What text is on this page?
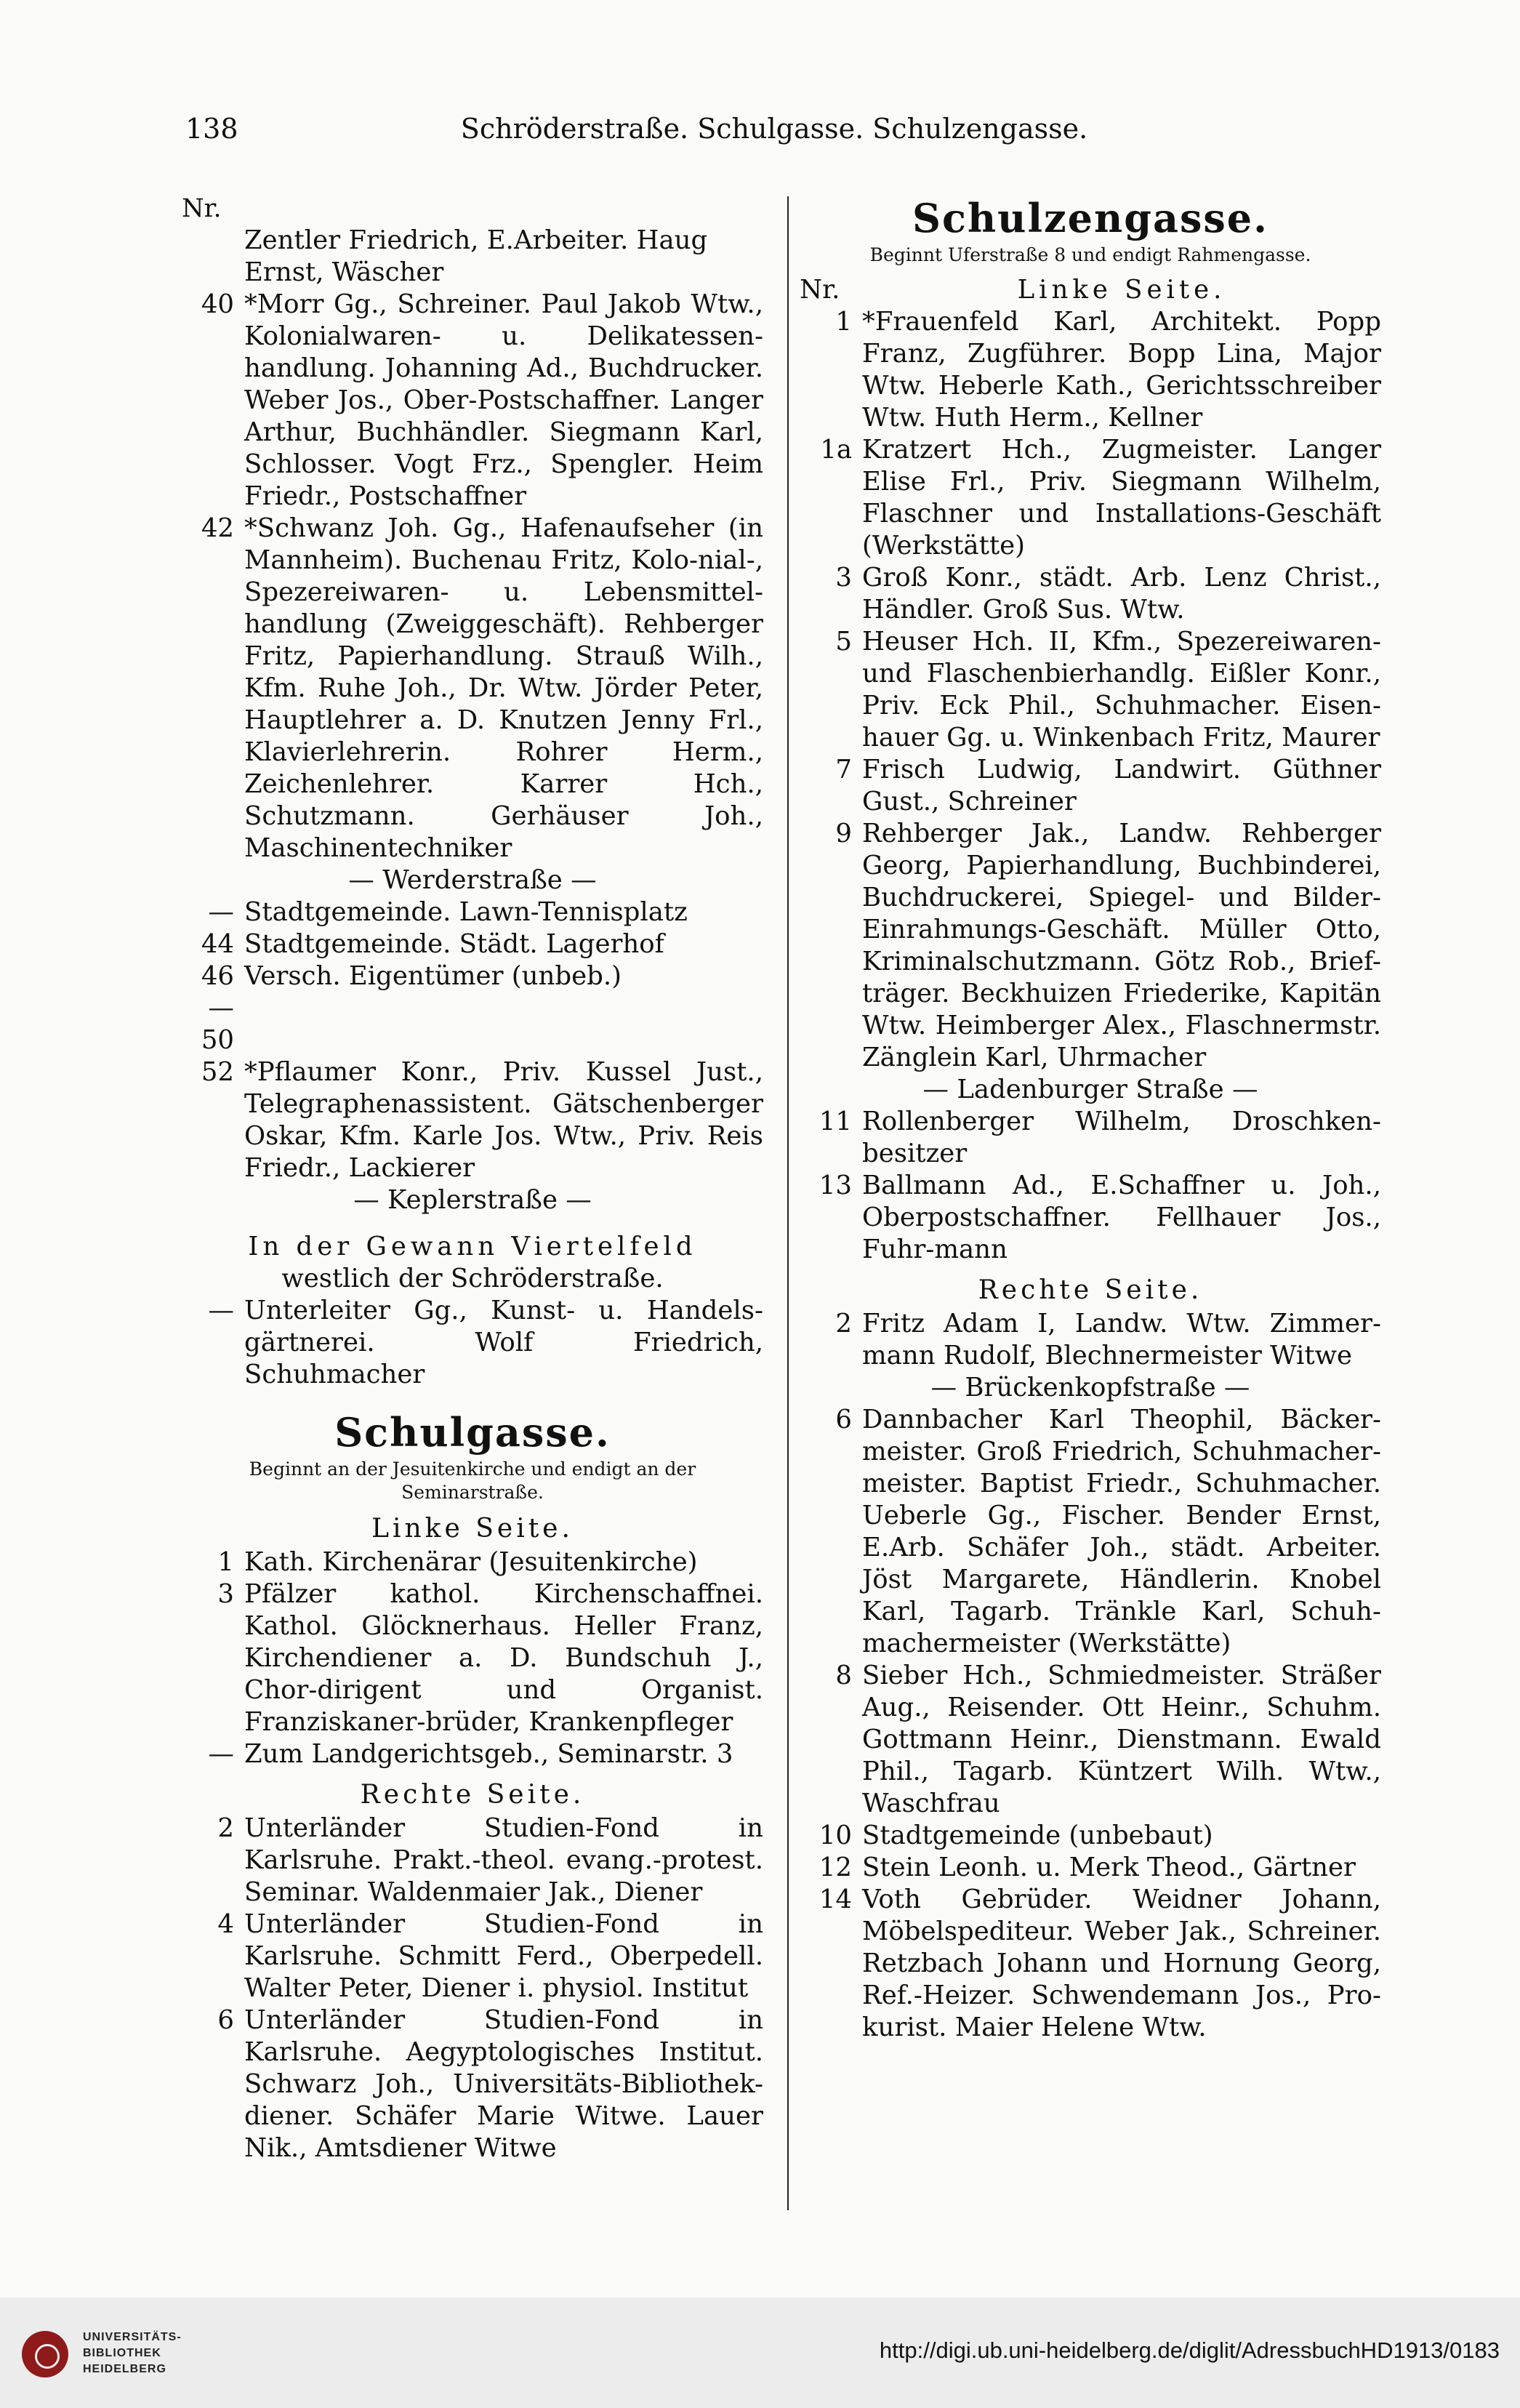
138	Schröderstraße. Schulgasse. Schulzengasse.
Nr.
Zentler Friedrich, E.Arbeiter. Haug
Ernst, Wäscher
40 *Morr Gg., Schreiner. Paul Jakob Wtw., Kolonialwaren- u. Delikatessen-handlung. Johanning Ad., Buchdrucker. Weber Jos., Ober-Postschaffner. Langer Arthur, Buchhändler. Siegmann Karl, Schlosser. Vogt Frz., Spengler. Heim Friedr., Postschaffner
42 *Schwanz Joh. Gg., Hafenaufseher (in Mannheim). Buchenau Fritz, Kolo-nial-, Spezereiwaren- u. Lebensmittel-handlung (Zweiggeschäft). Rehberger Fritz, Papierhandlung. Strauß Wilh., Kfm. Ruhe Joh., Dr. Wtw. Jörder Peter, Hauptlehrer a. D. Knutzen Jenny Frl., Klavierlehrerin. Rohrer Herm., Zeichenlehrer. Karrer Hch., Schutzmann. Gerhäuser Joh., Maschinentechniker
— Werderstraße —
— Stadtgemeinde. Lawn-Tennisplatz
44 Stadtgemeinde. Städt. Lagerhof
46—50
Versch. Eigentümer (unbeb.)
52 *Pflaumer Konr., Priv. Kussel Just., Telegraphenassistent. Gätschenberger Oskar, Kfm. Karle Jos. Wtw., Priv. Reis Friedr., Lackierer
— Keplerstraße —
In der Gewann Viertelfeld
westlich der Schröderstraße.
— Unterleiter Gg., Kunst- u. Handels-gärtnerei. Wolf Friedrich, Schuhmacher
Schulgasse.
Beginnt an der Jesuitenkirche und endigt an der
Seminarstraße.
Linke Seite.
1 Kath. Kirchenärar (Jesuitenkirche)
3 Pfälzer kathol. Kirchenschaffnei. Kathol. Glöcknerhaus. Heller Franz, Kirchendiener a. D. Bundschuh J., Chor-dirigent und Organist. Franziskaner-brüder, Krankenpfleger
— Zum Landgerichtsgeb., Seminarstr. 3
Rechte Seite.
2 Unterländer Studien-Fond in Karlsruhe. Prakt.-theol. evang.-protest. Seminar. Waldenmaier Jak., Diener
4 Unterländer Studien-Fond in Karlsruhe. Schmitt Ferd., Oberpedell. Walter Peter, Diener i. physiol. Institut
6 Unterländer Studien-Fond in Karlsruhe. Aegyptologisches Institut. Schwarz Joh., Universitäts-Bibliothek-diener. Schäfer Marie Witwe. Lauer Nik., Amtsdiener Witwe
Schulzengasse.
Beginnt Uferstraße 8 und endigt Rahmengasse.
Nr.	Linke Seite.
1 *Frauenfeld Karl, Architekt. Popp Franz, Zugführer. Bopp Lina, Major Wtw. Heberle Kath., Gerichtsschreiber Wtw. Huth Herm., Kellner
1a Kratzert Hch., Zugmeister. Langer Elise Frl., Priv. Siegmann Wilhelm, Flaschner und Installations-Geschäft (Werkstätte)
3 Groß Konr., städt. Arb. Lenz Christ., Händler. Groß Sus. Wtw.
5 Heuser Hch. II, Kfm., Spezereiwaren-und Flaschenbierhandlg. Eißler Konr., Priv. Eck Phil., Schuhmacher. Eisen-hauer Gg. u. Winkenbach Fritz, Maurer
7 Frisch Ludwig, Landwirt. Güthner Gust., Schreiner
9 Rehberger Jak., Landw. Rehberger Georg, Papierhandlung, Buchbinderei, Buchdruckerei, Spiegel- und Bilder-Einrahmungs-Geschäft. Müller Otto, Kriminalschutzmann. Götz Rob., Brief-träger. Beckhuizen Friederike, Kapitän Wtw. Heimberger Alex., Flaschnermstr. Zänglein Karl, Uhrmacher
— Ladenburger Straße —
11 Rollenberger Wilhelm, Droschken-besitzer
13 Ballmann Ad., E.Schaffner u. Joh., Oberpostschaffner. Fellhauer Jos., Fuhr-mann
Rechte Seite.
2 Fritz Adam I, Landw. Wtw. Zimmer-mann Rudolf, Blechnermeister Witwe
— Brückenkopfstraße —
6 Dannbacher Karl Theophil, Bäcker-meister. Groß Friedrich, Schuhmacher-meister. Baptist Friedr., Schuhmacher. Ueberle Gg., Fischer. Bender Ernst, E.Arb. Schäfer Joh., städt. Arbeiter. Jöst Margarete, Händlerin. Knobel Karl, Tagarb. Tränkle Karl, Schuh-machermeister (Werkstätte)
8 Sieber Hch., Schmiedmeister. Sträßer Aug., Reisender. Ott Heinr., Schuhm. Gottmann Heinr., Dienstmann. Ewald Phil., Tagarb. Küntzert Wilh. Wtw., Waschfrau
10 Stadtgemeinde (unbebaut)
12 Stein Leonh. u. Merk Theod., Gärtner
14 Voth Gebrüder. Weidner Johann, Möbelspediteur. Weber Jak., Schreiner. Retzbach Johann und Hornung Georg, Ref.-Heizer. Schwendemann Jos., Pro-kurist. Maier Helene Wtw.
UNIVERSITÄTS-
BIBLIOTHEK
HEIDELBERG
http://digi.ub.uni-heidelberg.de/diglit/AdressbuchHD1913/0183
